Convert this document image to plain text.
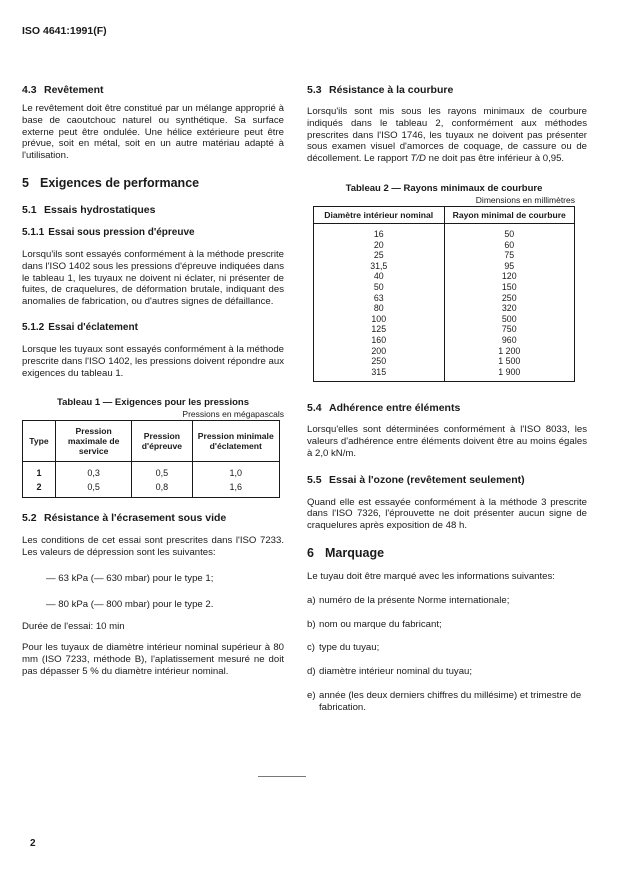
ISO 4641:1991(F)
4.3 Revêtement

Le revêtement doit être constitué par un mélange approprié à base de caoutchouc naturel ou synthétique. Sa surface externe peut être ondulée. Une hélice extérieure peut être prévue, soit en métal, soit en un autre matériau adapté à l'utilisation.

5 Exigences de performance
5.1 Essais hydrostatiques
5.1.1 Essai sous pression d'épreuve

Lorsqu'ils sont essayés conformément à la méthode prescrite dans l'ISO 1402 sous les pressions d'épreuve indiquées dans le tableau 1, les tuyaux ne doivent ni éclater, ni présenter de fuites, de craquelures, de déformation brutale, indiquant des anomalies de fabrication, ou d'autres signes de défaillance.

5.1.2 Essai d'éclatement

Lorsque les tuyaux sont essayés conformément à la méthode prescrite dans l'ISO 1402, les pressions doivent répondre aux exigences du tableau 1.

Tableau 1 — Exigences pour les pressions
Pressions en mégapascals
Type	Pression maximale de service	Pression d'épreuve	Pression minimale d'éclatement
1	0,3	0,5	1,0
2	0,5	0,8	1,6
5.2 Résistance à l'écrasement sous vide

Les conditions de cet essai sont prescrites dans l'ISO 7233. Les valeurs de dépression sont les suivantes:

— 63 kPa (— 630 mbar) pour le type 1;

— 80 kPa (— 800 mbar) pour le type 2.

Durée de l'essai: 10 min

Pour les tuyaux de diamètre intérieur nominal supérieur à 80 mm (ISO 7233, méthode B), l'aplatissement mesuré ne doit pas dépasser 5 % du diamètre intérieur nominal.

5.3 Résistance à la courbure

Lorsqu'ils sont mis sous les rayons minimaux de courbure indiqués dans le tableau 2, conformément aux méthodes prescrites dans l'ISO 1746, les tuyaux ne doivent pas présenter sous examen visuel d'amorces de coquage, de cassure ou de décollement. Le rapport T/D ne doit pas être inférieur à 0,95.

Tableau 2 — Rayons minimaux de courbure
Dimensions en millimètres
Diamètre intérieur nominal	Rayon minimal de courbure
16	50
20	60
25	75
31,5	95
40	120
50	150
63	250
80	320
100	500
125	750
160	960
200	1 200
250	1 500
315	1 900
5.4 Adhérence entre éléments

Lorsqu'elles sont déterminées conformément à l'ISO 8033, les valeurs d'adhérence entre éléments doivent être au moins égales à 2,0 kN/m.

5.5 Essai à l'ozone (revêtement seulement)

Quand elle est essayée conformément à la méthode 3 prescrite dans l'ISO 7326, l'éprouvette ne doit présenter aucun signe de craquelures après exposition de 48 h.

6 Marquage

Le tuyau doit être marqué avec les informations suivantes:

a) numéro de la présente Norme internationale;
b) nom ou marque du fabricant;
c) type du tuyau;
d) diamètre intérieur nominal du tuyau;
e) année (les deux derniers chiffres du millésime) et trimestre de fabrication.
2
